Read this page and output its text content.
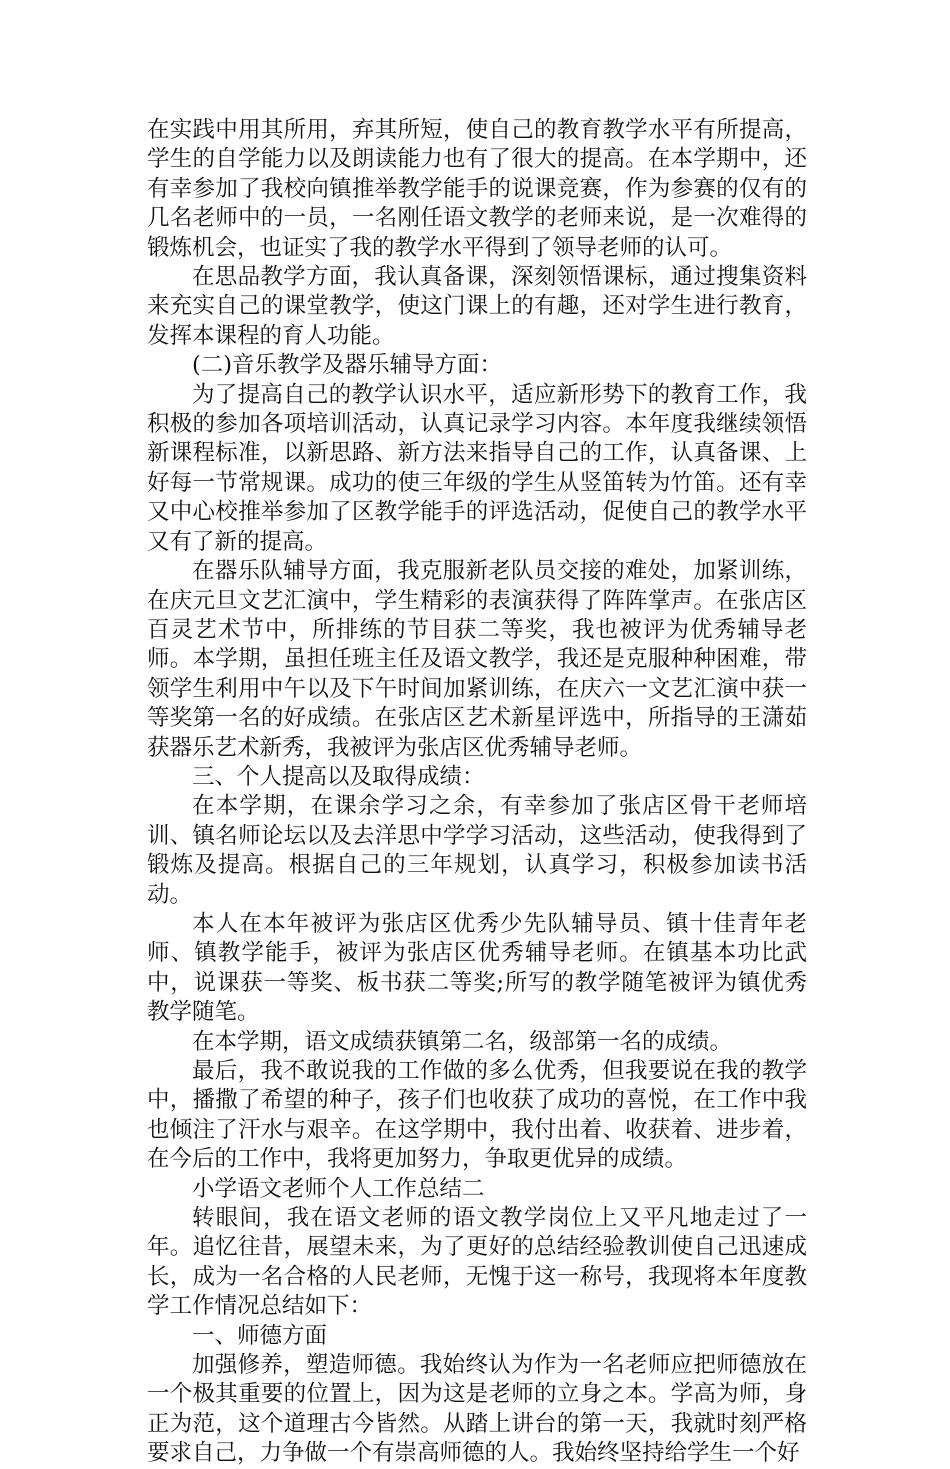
在实践中用其所用，弃其所短，使自己的教育教学水平有所提高，学生的自学能力以及朗读能力也有了很大的提高。在本学期中，还有幸参加了我校向镇推举教学能手的说课竞赛，作为参赛的仅有的几名老师中的一员，一名刚任语文教学的老师来说，是一次难得的锻炼机会，也证实了我的教学水平得到了领导老师的认可。

在思品教学方面，我认真备课，深刻领悟课标，通过搜集资料来充实自己的课堂教学，使这门课上的有趣，还对学生进行教育，发挥本课程的育人功能。

(二)音乐教学及器乐辅导方面：

为了提高自己的教学认识水平，适应新形势下的教育工作，我积极的参加各项培训活动，认真记录学习内容。本年度我继续领悟新课程标准，以新思路、新方法来指导自己的工作，认真备课、上好每一节常规课。成功的使三年级的学生从竖笛转为竹笛。还有幸又中心校推举参加了区教学能手的评选活动，促使自己的教学水平又有了新的提高。

在器乐队辅导方面，我克服新老队员交接的难处，加紧训练，在庆元旦文艺汇演中，学生精彩的表演获得了阵阵掌声。在张店区百灵艺术节中，所排练的节目获二等奖，我也被评为优秀辅导老师。本学期，虽担任班主任及语文教学，我还是克服种种困难，带领学生利用中午以及下午时间加紧训练，在庆六一文艺汇演中获一等奖第一名的好成绩。在张店区艺术新星评选中，所指导的王潇茹获器乐艺术新秀，我被评为张店区优秀辅导老师。

三、个人提高以及取得成绩：

在本学期，在课余学习之余，有幸参加了张店区骨干老师培训、镇名师论坛以及去洋思中学学习活动，这些活动，使我得到了锻炼及提高。根据自己的三年规划，认真学习，积极参加读书活动。

本人在本年被评为张店区优秀少先队辅导员、镇十佳青年老师、镇教学能手，被评为张店区优秀辅导老师。在镇基本功比武中，说课获一等奖、板书获二等奖;所写的教学随笔被评为镇优秀教学随笔。

在本学期，语文成绩获镇第二名，级部第一名的成绩。

最后，我不敢说我的工作做的多么优秀，但我要说在我的教学中，播撒了希望的种子，孩子们也收获了成功的喜悦，在工作中我也倾注了汗水与艰辛。在这学期中，我付出着、收获着、进步着，在今后的工作中，我将更加努力，争取更优异的成绩。

小学语文老师个人工作总结二

转眼间，我在语文老师的语文教学岗位上又平凡地走过了一年。追忆往昔，展望未来，为了更好的总结经验教训使自己迅速成长，成为一名合格的人民老师，无愧于这一称号，我现将本年度教学工作情况总结如下：

一、师德方面

加强修养，塑造师德。我始终认为作为一名老师应把师德放在一个极其重要的位置上，因为这是老师的立身之本。学高为师，身正为范，这个道理古今皆然。从踏上讲台的第一天，我就时刻严格要求自己，力争做一个有崇高师德的人。我始终坚持给学生一个好
